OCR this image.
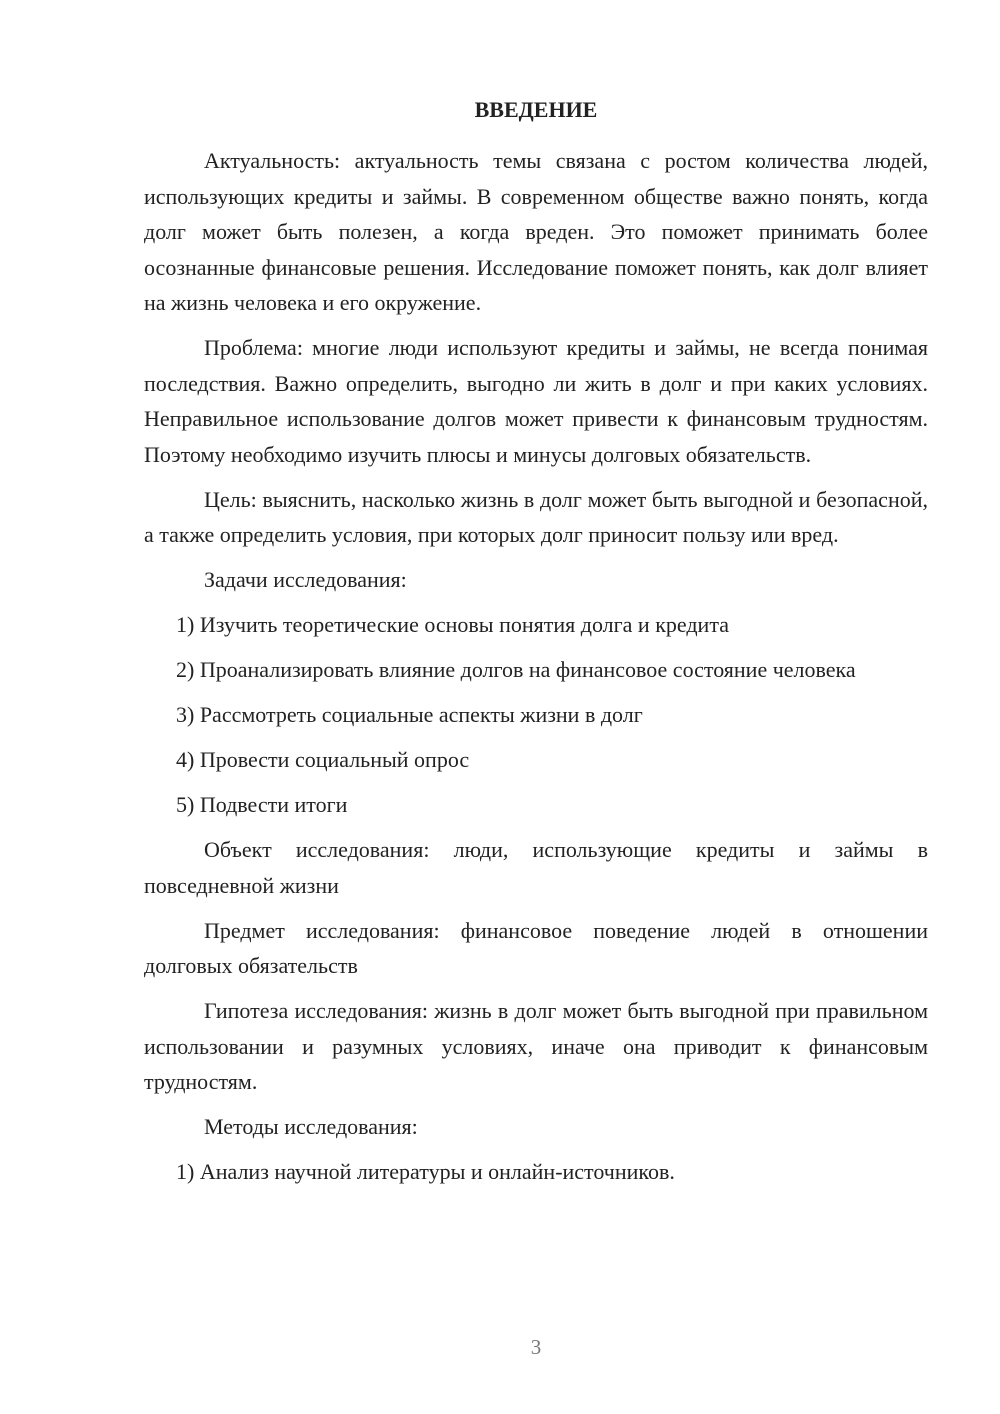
ВВЕДЕНИЕ

Актуальность: актуальность темы связана с ростом количества людей, использующих кредиты и займы. В современном обществе важно понять, когда долг может быть полезен, а когда вреден. Это поможет принимать более осознанные финансовые решения. Исследование поможет понять, как долг влияет на жизнь человека и его окружение.

Проблема: многие люди используют кредиты и займы, не всегда понимая последствия. Важно определить, выгодно ли жить в долг и при каких условиях. Неправильное использование долгов может привести к финансовым трудностям. Поэтому необходимо изучить плюсы и минусы долговых обязательств.

Цель: выяснить, насколько жизнь в долг может быть выгодной и безопасной, а также определить условия, при которых долг приносит пользу или вред.

Задачи исследования:

1) Изучить теоретические основы понятия долга и кредита

2) Проанализировать влияние долгов на финансовое состояние человека

3) Рассмотреть социальные аспекты жизни в долг

4) Провести социальный опрос

5) Подвести итоги

Объект исследования: люди, использующие кредиты и займы в повседневной жизни

Предмет исследования: финансовое поведение людей в отношении долговых обязательств

Гипотеза исследования: жизнь в долг может быть выгодной при правильном использовании и разумных условиях, иначе она приводит к финансовым трудностям.

Методы исследования:

1) Анализ научной литературы и онлайн-источников.

3
